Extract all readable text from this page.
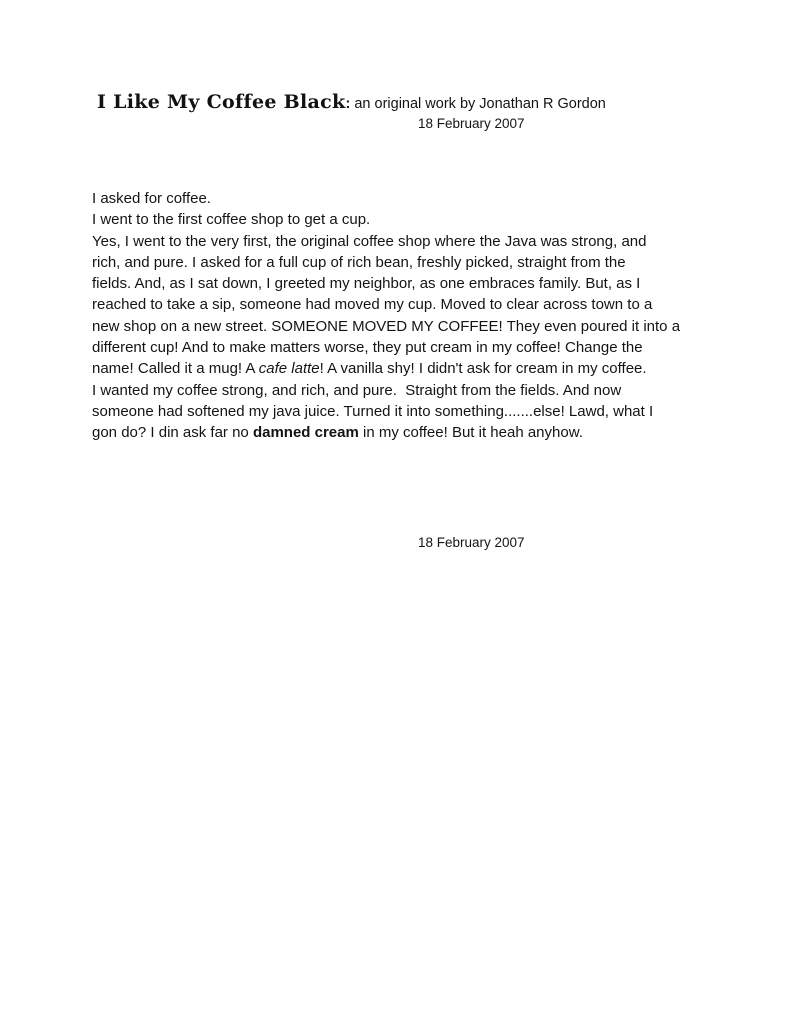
I Like My Coffee Black: an original work by Jonathan R Gordon
18 February 2007
I asked for coffee.
I went to the first coffee shop to get a cup.
Yes, I went to the very first, the original coffee shop where the Java was strong, and
rich, and pure. I asked for a full cup of rich bean, freshly picked, straight from the
fields. And, as I sat down, I greeted my neighbor, as one embraces family. But, as I
reached to take a sip, someone had moved my cup. Moved to clear across town to a
new shop on a new street. SOMEONE MOVED MY COFFEE! They even poured it into a
different cup! And to make matters worse, they put cream in my coffee! Change the
name! Called it a mug! A cafe latte! A vanilla shy! I didn't ask for cream in my coffee.
I wanted my coffee strong, and rich, and pure.  Straight from the fields. And now
someone had softened my java juice. Turned it into something.......else! Lawd, what I
gon do? I din ask far no damned cream in my coffee! But it heah anyhow.
18 February 2007
